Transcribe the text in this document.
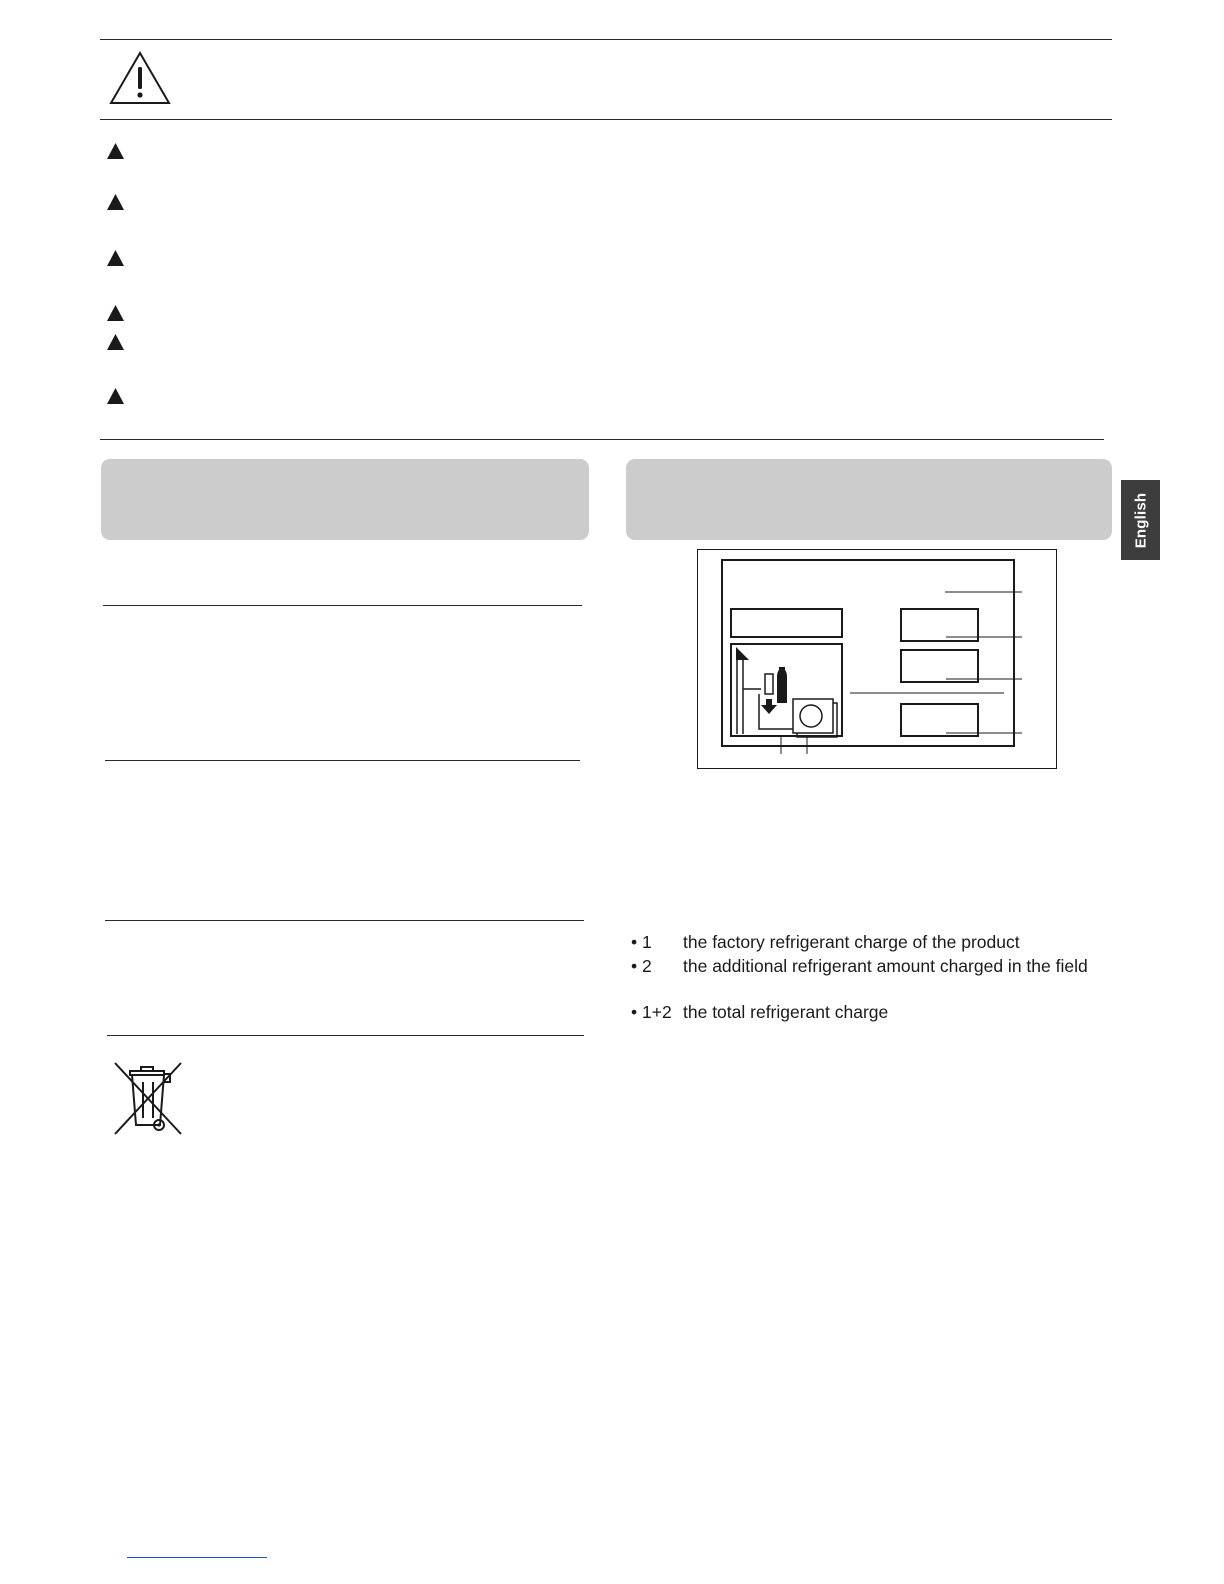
English
• 1 the factory refrigerant charge of the product
• 2 the additional refrigerant amount charged in the field
• 1+2 the total refrigerant charge
